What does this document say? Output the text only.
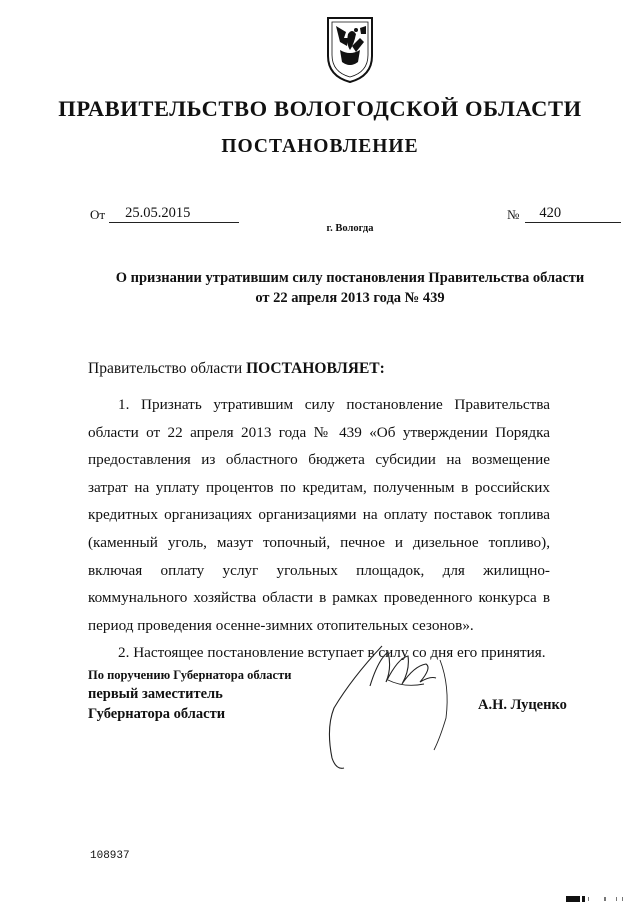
ПРАВИТЕЛЬСТВО ВОЛОГОДСКОЙ ОБЛАСТИ
ПОСТАНОВЛЕНИЕ
От 25.05.2015	№ 420
г. Вологда
О признании утратившим силу постановления Правительства области
от 22 апреля 2013 года № 439
Правительство области ПОСТАНОВЛЯЕТ:

1. Признать утратившим силу постановление Правительства области от 22 апреля 2013 года № 439 «Об утверждении Порядка предоставления из областного бюджета субсидии на возмещение затрат на уплату процентов по кредитам, полученным в российских кредитных организациях организациями на оплату поставок топлива (каменный уголь, мазут топочный, печное и дизельное топливо), включая оплату услуг угольных площадок, для жилищно-коммунального хозяйства области в рамках проведенного конкурса в период проведения осенне-зимних отопительных сезонов».

2. Настоящее постановление вступает в силу со дня его принятия.

По поручению Губернатора области
первый заместитель
Губернатора области
А.Н. Луценко
108937
